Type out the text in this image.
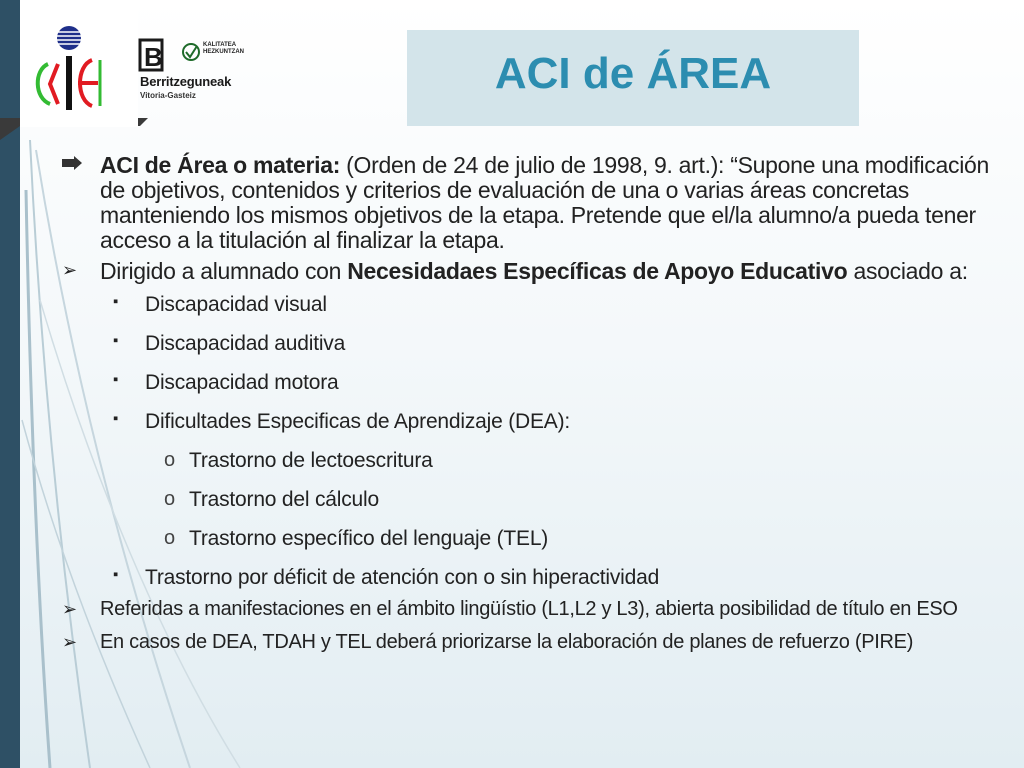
B	KALITATEA
HEZKUNTZAN
Berritzeguneak
Vitoria-Gasteiz	ACI de ÁREA
ACI de Área o materia: (Orden de 24 de julio de 1998, 9. art.): “Supone una modificación de objetivos, contenidos y criterios de evaluación de una o varias áreas concretas manteniendo los mismos objetivos de la etapa. Pretende que el/la alumno/a pueda tener acceso a la titulación al finalizar la etapa.
➢ Dirigido a alumnado con Necesidadaes Específicas de Apoyo Educativo asociado a:
▪ Discapacidad visual
▪ Discapacidad auditiva
▪ Discapacidad motora
▪ Dificultades Especificas de Aprendizaje (DEA):
o Trastorno de lectoescritura
o Trastorno del cálculo
o Trastorno específico del lenguaje (TEL)
▪ Trastorno por déficit de atención con o sin hiperactividad
➢ Referidas a manifestaciones en el ámbito lingüístio (L1,L2 y L3), abierta posibilidad de título en ESO
➢ En casos de DEA, TDAH y TEL deberá priorizarse la elaboración de planes de refuerzo (PIRE)
